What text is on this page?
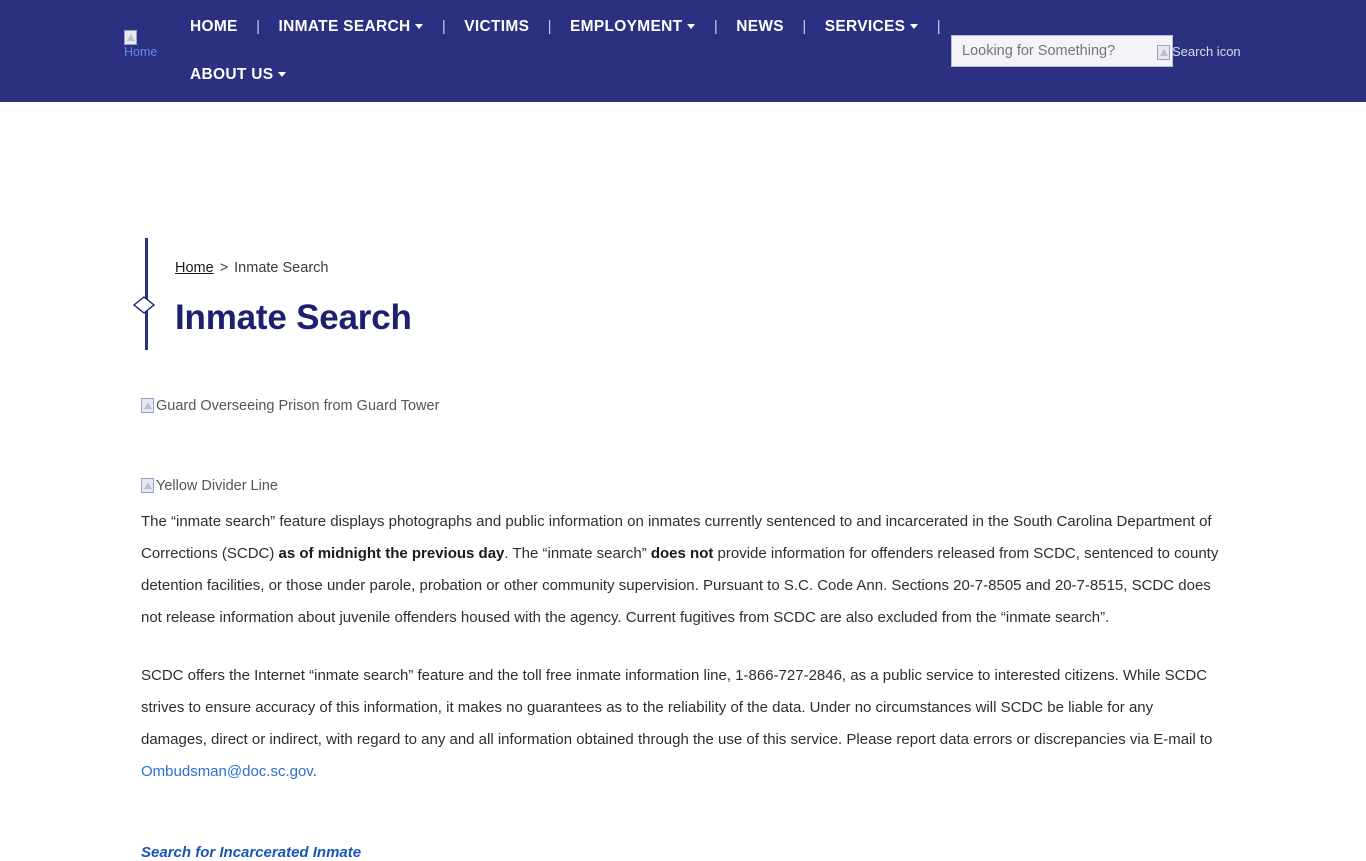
Home
HOME | INMATE SEARCH | VICTIMS | EMPLOYMENT | NEWS | SERVICES |
ABOUT US
Looking for Something?
Search icon
Home > Inmate Search
Inmate Search
Guard Overseeing Prison from Guard Tower
Yellow Divider Line

The “inmate search” feature displays photographs and public information on inmates currently sentenced to and incarcerated in the South Carolina Department of Corrections (SCDC) as of midnight the previous day. The “inmate search” does not provide information for offenders released from SCDC, sentenced to county detention facilities, or those under parole, probation or other community supervision. Pursuant to S.C. Code Ann. Sections 20-7-8505 and 20-7-8515, SCDC does not release information about juvenile offenders housed with the agency. Current fugitives from SCDC are also excluded from the “inmate search”.

SCDC offers the Internet “inmate search” feature and the toll free inmate information line, 1-866-727-2846, as a public service to interested citizens. While SCDC strives to ensure accuracy of this information, it makes no guarantees as to the reliability of the data. Under no circumstances will SCDC be liable for any damages, direct or indirect, with regard to any and all information obtained through the use of this service. Please report data errors or discrepancies via E-mail to Ombudsman@doc.sc.gov.

Search for Incarcerated Inmate
